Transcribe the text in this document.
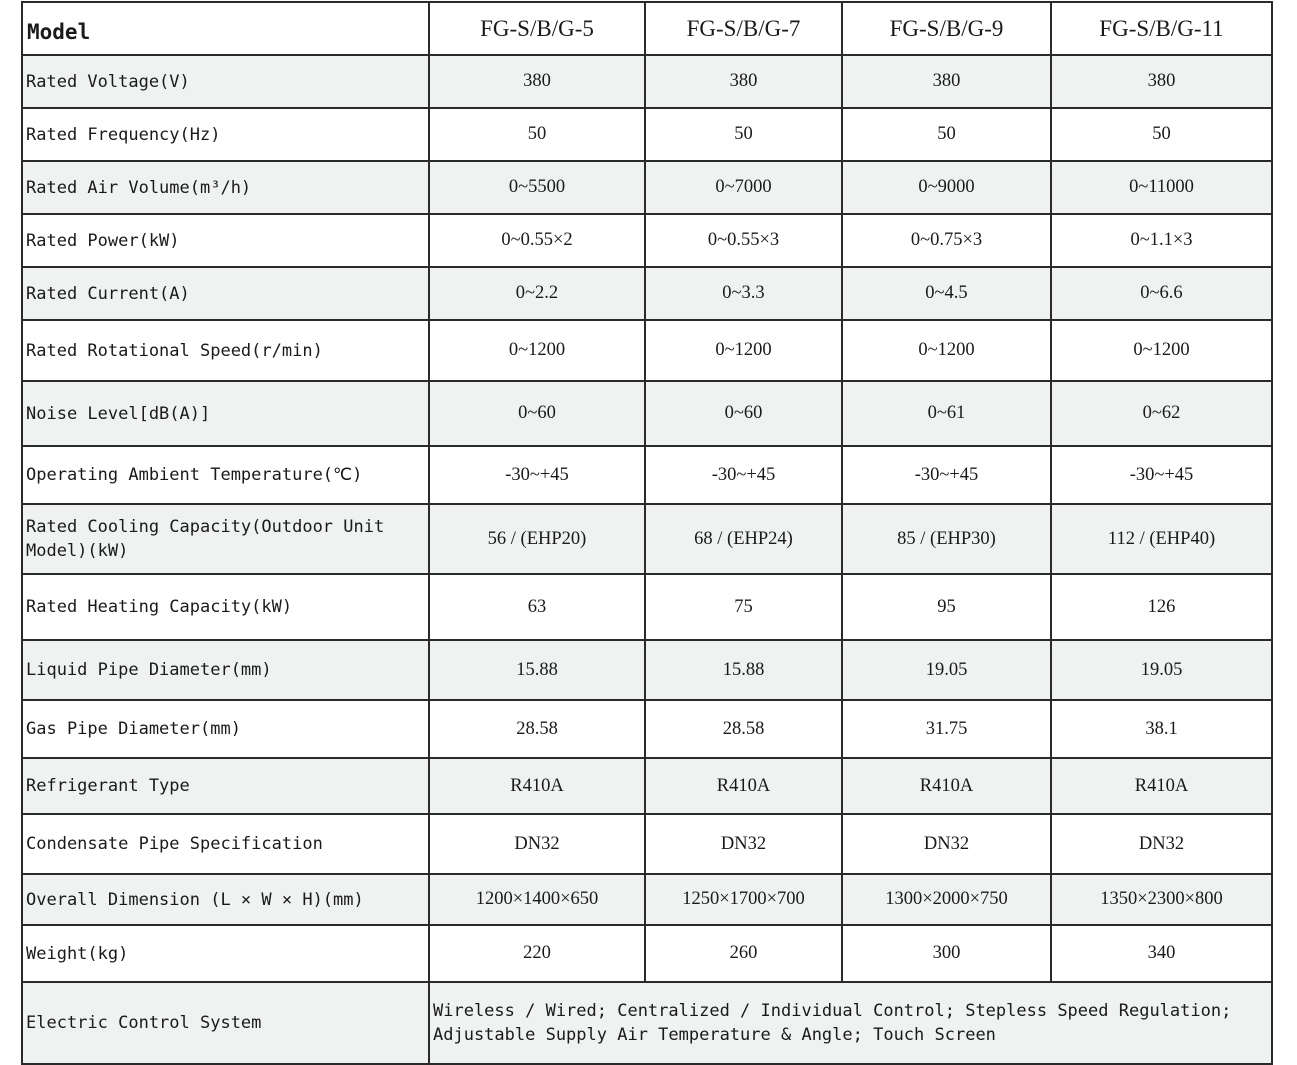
Model	FG-S/B/G-5	FG-S/B/G-7	FG-S/B/G-9	FG-S/B/G-11
Rated Voltage(V)	380	380	380	380
Rated Frequency(Hz)	50	50	50	50
Rated Air Volume(m³/h)	0~5500	0~7000	0~9000	0~11000
Rated Power(kW)	0~0.55×2	0~0.55×3	0~0.75×3	0~1.1×3
Rated Current(A)	0~2.2	0~3.3	0~4.5	0~6.6
Rated Rotational Speed(r/min)	0~1200	0~1200	0~1200	0~1200
Noise Level[dB(A)]	0~60	0~60	0~61	0~62
Operating Ambient Temperature(℃)	-30~+45	-30~+45	-30~+45	-30~+45
Rated Cooling Capacity(Outdoor Unit Model)(kW)	56 / (EHP20)	68 / (EHP24)	85 / (EHP30)	112 / (EHP40)
Rated Heating Capacity(kW)	63	75	95	126
Liquid Pipe Diameter(mm)	15.88	15.88	19.05	19.05
Gas Pipe Diameter(mm)	28.58	28.58	31.75	38.1
Refrigerant Type	R410A	R410A	R410A	R410A
Condensate Pipe Specification	DN32	DN32	DN32	DN32
Overall Dimension (L × W × H)(mm)	1200×1400×650	1250×1700×700	1300×2000×750	1350×2300×800
Weight(kg)	220	260	300	340
Electric Control System	Wireless / Wired; Centralized / Individual Control; Stepless Speed Regulation;
Adjustable Supply Air Temperature & Angle; Touch Screen			
